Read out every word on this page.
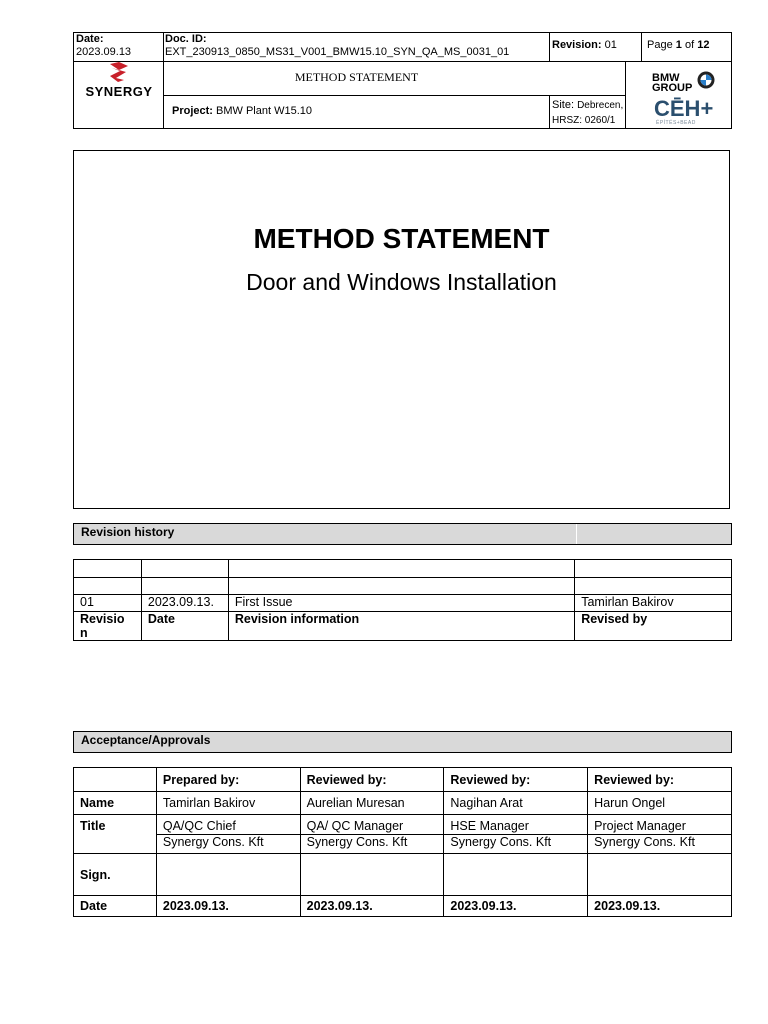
Date:
2023.09.13
Doc. ID:
EXT_230913_0850_MS31_V001_BMW15.10_SYN_QA_MS_0031_01
Revision: 01	Page 1 of 12
SYNERGY
METHOD STATEMENT
Project: BMW Plant W15.10	Site: Debrecen,
HRSZ: 0260/1
BMW
GROUP
CĒH+
ÉPÍTÉS+BEAD
METHOD STATEMENT
Door and Windows Installation
Revision history

01	2023.09.13.	First Issue	Tamirlan Bakirov
Revisio n	Date	Revision information	Revised by
Acceptance/Approvals
	Prepared by:	Reviewed by:	Reviewed by:	Reviewed by:
Name	Tamirlan Bakirov	Aurelian Muresan	Nagihan Arat	Harun Ongel
Title	QA/QC Chief	QA/ QC Manager	HSE Manager	Project Manager
	Synergy Cons. Kft	Synergy Cons. Kft	Synergy Cons. Kft	Synergy Cons. Kft
Sign.				
Date	2023.09.13.	2023.09.13.	2023.09.13.	2023.09.13.
